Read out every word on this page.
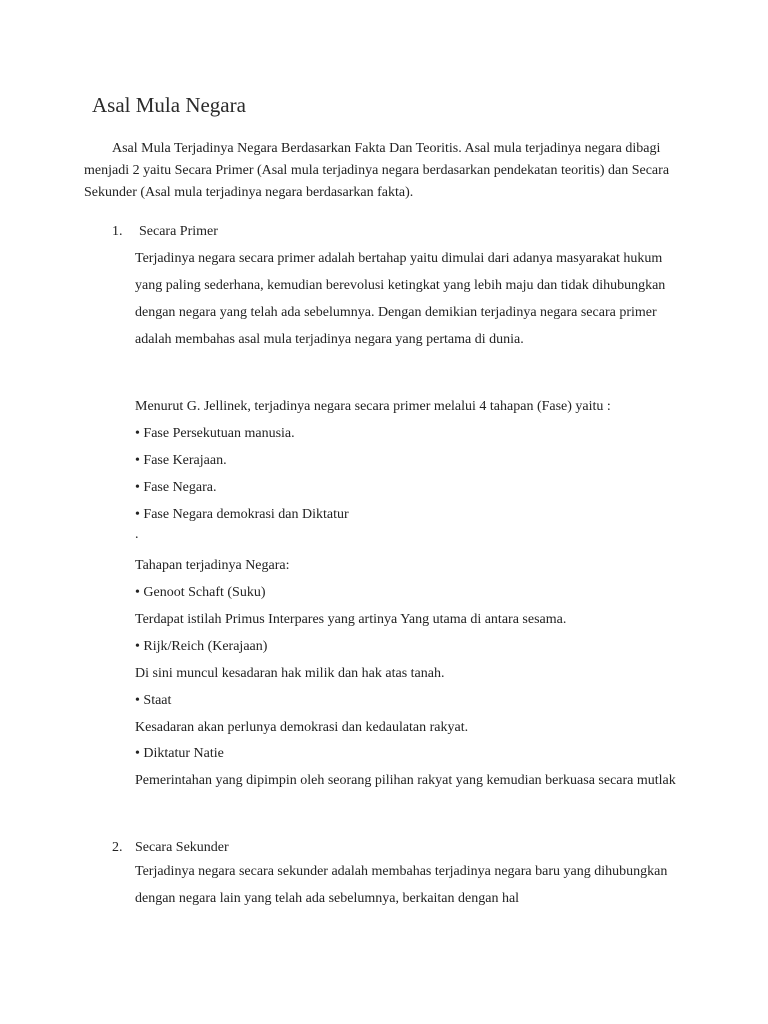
Asal Mula Negara

Asal Mula Terjadinya Negara Berdasarkan Fakta Dan Teoritis. Asal mula terjadinya negara dibagi menjadi 2 yaitu Secara Primer (Asal mula terjadinya negara berdasarkan pendekatan teoritis) dan Secara Sekunder (Asal mula terjadinya negara berdasarkan fakta).

1. Secara Primer

Terjadinya negara secara primer adalah bertahap yaitu dimulai dari adanya masyarakat hukum yang paling sederhana, kemudian berevolusi ketingkat yang lebih maju dan tidak dihubungkan dengan negara yang telah ada sebelumnya. Dengan demikian terjadinya negara secara primer adalah membahas asal mula terjadinya negara yang pertama di dunia.

Menurut G. Jellinek, terjadinya negara secara primer melalui 4 tahapan (Fase) yaitu :
• Fase Persekutuan manusia.
• Fase Kerajaan.
• Fase Negara.
• Fase Negara demokrasi dan Diktatur
.
Tahapan terjadinya Negara:
• Genoot Schaft (Suku)
Terdapat istilah Primus Interpares yang artinya Yang utama di antara sesama.
• Rijk/Reich (Kerajaan)
Di sini muncul kesadaran hak milik dan hak atas tanah.
• Staat
Kesadaran akan perlunya demokrasi dan kedaulatan rakyat.
• Diktatur Natie

Pemerintahan yang dipimpin oleh seorang pilihan rakyat yang kemudian berkuasa secara mutlak

2. Secara Sekunder

Terjadinya negara secara sekunder adalah membahas terjadinya negara baru yang dihubungkan dengan negara lain yang telah ada sebelumnya, berkaitan dengan hal
